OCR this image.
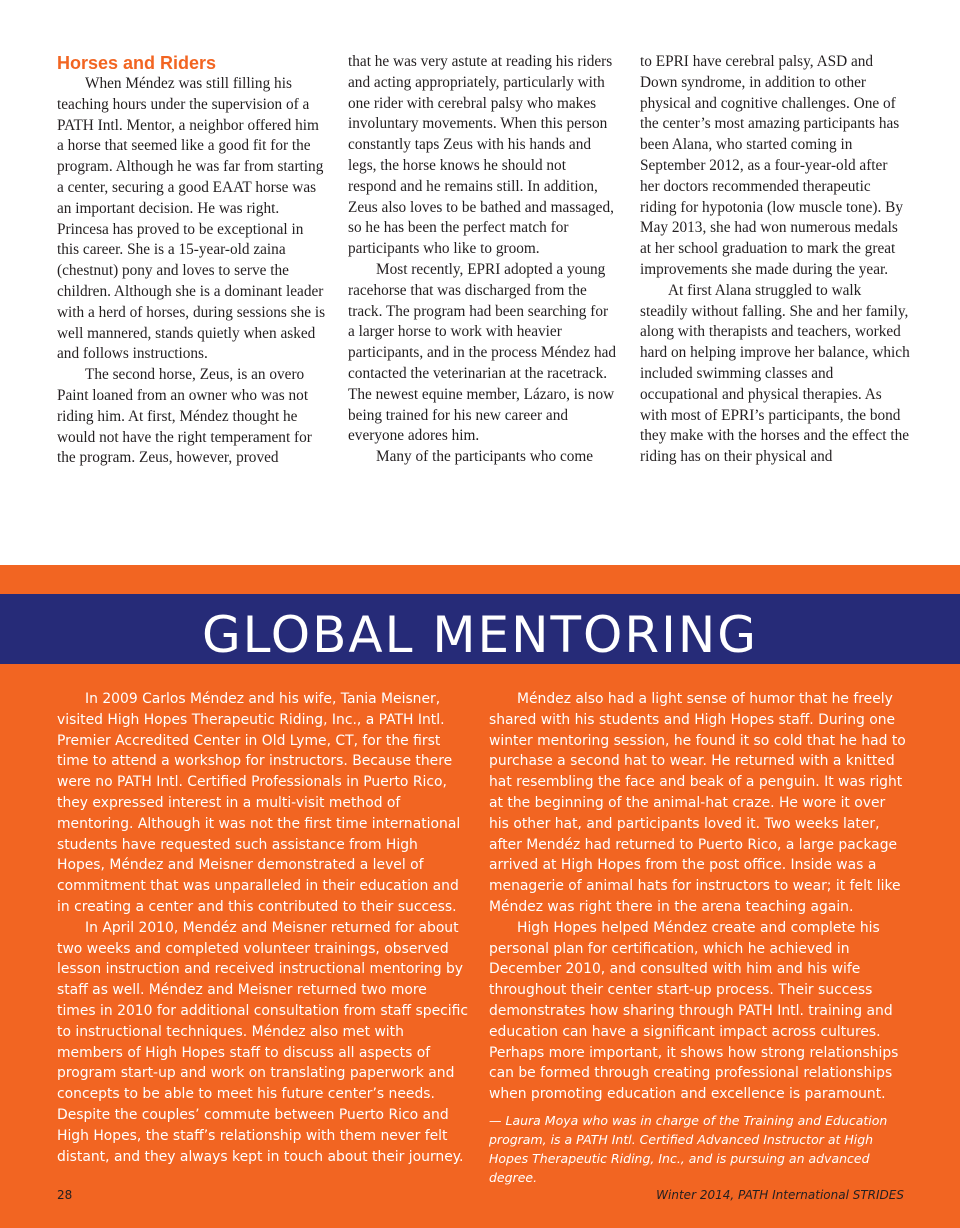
Horses and Riders

When Méndez was still filling his teaching hours under the supervision of a PATH Intl. Mentor, a neighbor offered him a horse that seemed like a good fit for the program. Although he was far from starting a center, securing a good EAAT horse was an important decision. He was right. Princesa has proved to be exceptional in this career. She is a 15-year-old zaina (chestnut) pony and loves to serve the children. Although she is a dominant leader with a herd of horses, during sessions she is well mannered, stands quietly when asked and follows instructions.

The second horse, Zeus, is an overo Paint loaned from an owner who was not riding him. At first, Méndez thought he would not have the right temperament for the program. Zeus, however, proved

that he was very astute at reading his riders and acting appropriately, particularly with one rider with cerebral palsy who makes involuntary movements. When this person constantly taps Zeus with his hands and legs, the horse knows he should not respond and he remains still. In addition, Zeus also loves to be bathed and massaged, so he has been the perfect match for participants who like to groom.

Most recently, EPRI adopted a young racehorse that was discharged from the track. The program had been searching for a larger horse to work with heavier participants, and in the process Méndez had contacted the veterinarian at the racetrack. The newest equine member, Lázaro, is now being trained for his new career and everyone adores him.

Many of the participants who come

to EPRI have cerebral palsy, ASD and Down syndrome, in addition to other physical and cognitive challenges. One of the center’s most amazing participants has been Alana, who started coming in September 2012, as a four-year-old after her doctors recommended therapeutic riding for hypotonia (low muscle tone). By May 2013, she had won numerous medals at her school graduation to mark the great improvements she made during the year.

At first Alana struggled to walk steadily without falling. She and her family, along with therapists and teachers, worked hard on helping improve her balance, which included swimming classes and occupational and physical therapies. As with most of EPRI’s participants, the bond they make with the horses and the effect the riding has on their physical and

GLOBAL MENTORING

In 2009 Carlos Méndez and his wife, Tania Meisner, visited High Hopes Therapeutic Riding, Inc., a PATH Intl. Premier Accredited Center in Old Lyme, CT, for the first time to attend a workshop for instructors. Because there were no PATH Intl. Certified Professionals in Puerto Rico, they expressed interest in a multi-visit method of mentoring. Although it was not the first time international students have requested such assistance from High Hopes, Méndez and Meisner demonstrated a level of commitment that was unparalleled in their education and in creating a center and this contributed to their success.

In April 2010, Mendéz and Meisner returned for about two weeks and completed volunteer trainings, observed lesson instruction and received instructional mentoring by staff as well. Méndez and Meisner returned two more times in 2010 for additional consultation from staff specific to instructional techniques. Méndez also met with members of High Hopes staff to discuss all aspects of program start-up and work on translating paperwork and concepts to be able to meet his future center’s needs. Despite the couples’ commute between Puerto Rico and High Hopes, the staff’s relationship with them never felt distant, and they always kept in touch about their journey.

Méndez also had a light sense of humor that he freely shared with his students and High Hopes staff. During one winter mentoring session, he found it so cold that he had to purchase a second hat to wear. He returned with a knitted hat resembling the face and beak of a penguin. It was right at the beginning of the animal-hat craze. He wore it over his other hat, and participants loved it. Two weeks later, after Mendéz had returned to Puerto Rico, a large package arrived at High Hopes from the post office. Inside was a menagerie of animal hats for instructors to wear; it felt like Méndez was right there in the arena teaching again.

High Hopes helped Méndez create and complete his personal plan for certification, which he achieved in December 2010, and consulted with him and his wife throughout their center start-up process. Their success demonstrates how sharing through PATH Intl. training and education can have a significant impact across cultures. Perhaps more important, it shows how strong relationships can be formed through creating professional relationships when promoting education and excellence is paramount.

— Laura Moya who was in charge of the Training and Education program, is a PATH Intl. Certified Advanced Instructor at High Hopes Therapeutic Riding, Inc., and is pursuing an advanced degree.

28	Winter 2014, PATH International STRIDES
